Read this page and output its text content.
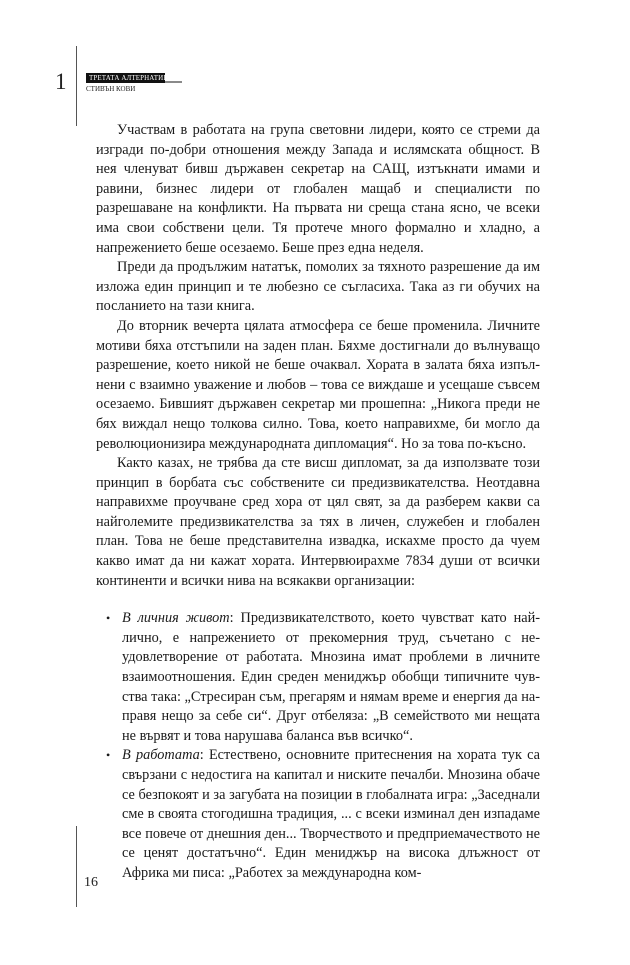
1	ТРЕТАТА АЛТЕРНАТИВА
СТИВЪН КОВИ

Участвам в работата на група световни лидери, която се стреми да изгради по-добри отношения между Запада и ислямската общност. В нея членуват бивш държавен секретар на САЩ, изтъкнати имами и равини, бизнес лидери от глобален мащаб и специалисти по разрешаване на конфликти. На първата ни среща стана ясно, че всеки има свои собствени цели. Тя протече много формално и хладно, а напрежението беше осезаемо. Беше през една неделя.

Преди да продължим нататък, помолих за тяхното разрешение да им изложа един принцип и те любезно се съгласиха. Така аз ги обучих на посланието на тази книга.

До вторник вечерта цялата атмосфера се беше променила. Личните мотиви бяха отстъпили на заден план. Бяхме достигнали до вълнуващо разрешение, което никой не беше очаквал. Хората в залата бяха изпълнени с взаимно уважение и любов – това се виждаше и усещаше съвсем осезаемо. Бившият държавен секретар ми прошепна: „Никога преди не бях виждал нещо толкова силно. Това, което направихме, би могло да революционизира международната дипломация“. Но за това по-късно.

Както казах, не трябва да сте висш дипломат, за да използвате този принцип в борбата със собствените си предизвикателства. Неотдавна направихме проучване сред хора от цял свят, за да разберем какви са найголемите предизвикателства за тях в личен, служебен и глобален план. Това не беше представителна извадка, искахме просто да чуем какво имат да ни кажат хората. Интервюирахме 7834 души от всички континенти и всички нива на всякакви организации:

• В личния живот: Предизвикателството, което чувстват като най-лично, е напрежението от прекомерния труд, съчетано с неудовлетворение от работата. Мнозина имат проблеми в личните взаимоотношения. Един среден мениджър обобщи типичните чувства така: „Стресиран съм, прегарям и нямам време и енергия да направя нещо за себе си“. Друг отбеляза: „В семейството ми нещата не вървят и това нарушава баланса във всичко“.
• В работата: Естествено, основните притеснения на хората тук са свързани с недостига на капитал и ниските печалби. Мнозина обаче се безпокоят и за загубата на позиции в глобалната игра: „Заседнали сме в своята стогодишна традиция, ... с всеки изминал ден изпадаме все повече от днешния ден... Творчеството и предприемачеството не се ценят достатъчно“. Един мениджър на висока длъжност от Африка ми писа: „Работех за международна ком-
16
